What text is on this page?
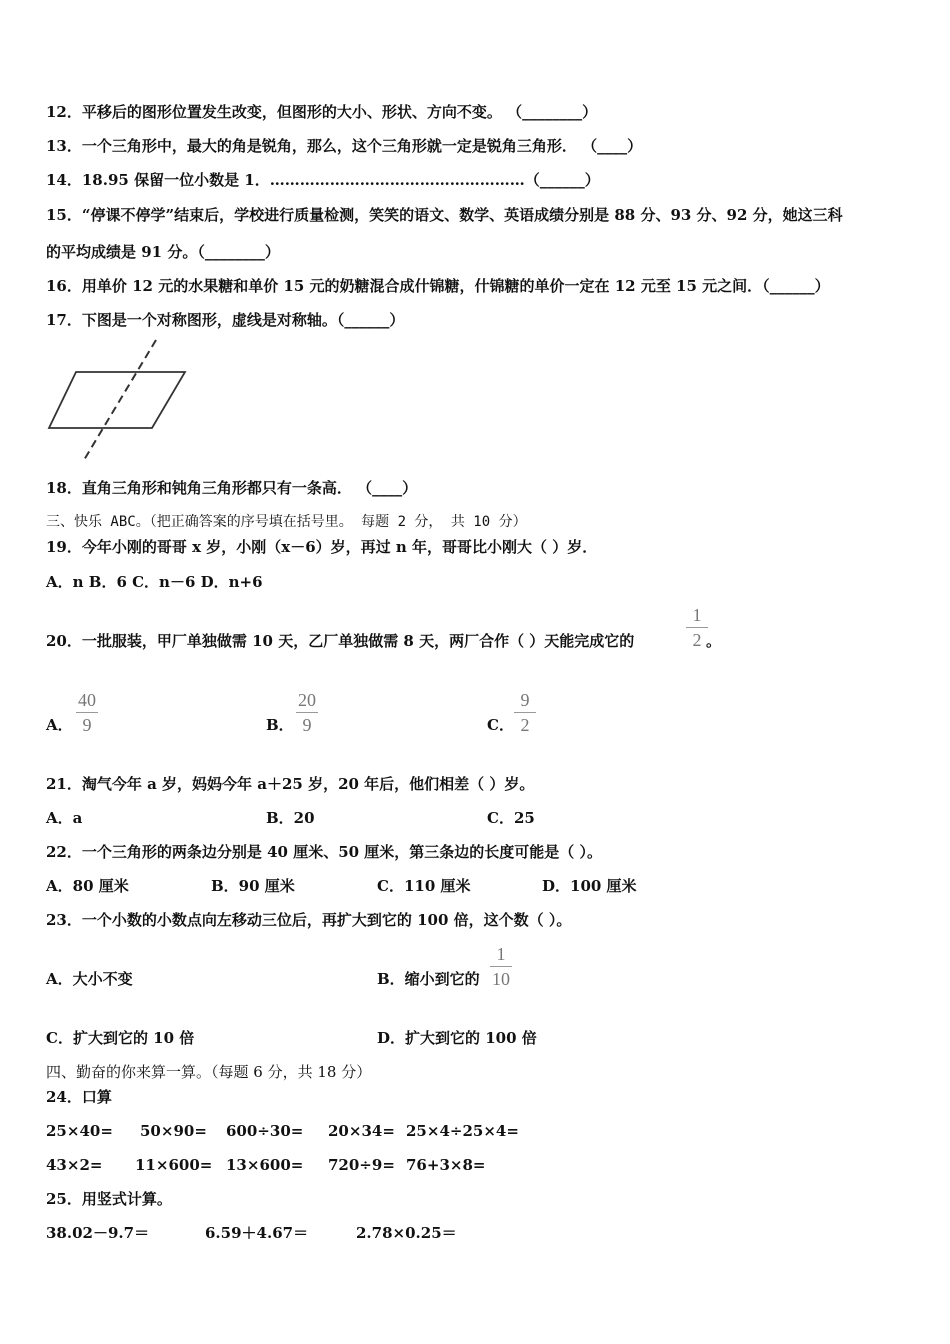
12．平移后的图形位置发生改变，但图形的大小、形状、方向不变。 （________）
13．一个三角形中，最大的角是锐角，那么，这个三角形就一定是锐角三角形． （____）
14．18.95 保留一位小数是 1．……………………………………………（______）
15．“停课不停学”结束后，学校进行质量检测，笑笑的语文、数学、英语成绩分别是 88 分、93 分、92 分，她这三科
的平均成绩是 91 分。（________）
16．用单价 12 元的水果糖和单价 15 元的奶糖混合成什锦糖，什锦糖的单价一定在 12 元至 15 元之间．（______）
17．下图是一个对称图形，虚线是对称轴。（______）
18．直角三角形和钝角三角形都只有一条高． （____）
三、快乐 ABC。（把正确答案的序号填在括号里。 每题 2 分， 共 10 分）
19．今年小刚的哥哥 x 岁，小刚（x－6）岁，再过 n 年，哥哥比小刚大（ ）岁．
A．n B．6 C．n－6 D．n+6
20．一批服装，甲厂单独做需 10 天，乙厂单独做需 8 天，两厂合作（ ）天能完成它的
1
2 。
A．
40
9	B．
20
9	C．
9
2
21．淘气今年 a 岁，妈妈今年 a＋25 岁，20 年后，他们相差（ ）岁。
A．a	B．20	C．25
22．一个三角形的两条边分别是 40 厘米、50 厘米，第三条边的长度可能是（ ）。
A．80 厘米	B．90 厘米	C．110 厘米	D．100 厘米
23．一个小数的小数点向左移动三位后，再扩大到它的 100 倍，这个数（ ）。
A．大小不变	B．缩小到它的
1
10
C．扩大到它的 10 倍	D．扩大到它的 100 倍
四、勤奋的你来算一算。（每题 6 分，共 18 分）
24．口算
25×40= 50×90= 600÷30= 20×34= 25×4÷25×4=
43×2= 11×600= 13×600= 720÷9= 76+3×8=
25．用竖式计算。
38.02－9.7＝	6.59＋4.67＝	2.78×0.25＝
